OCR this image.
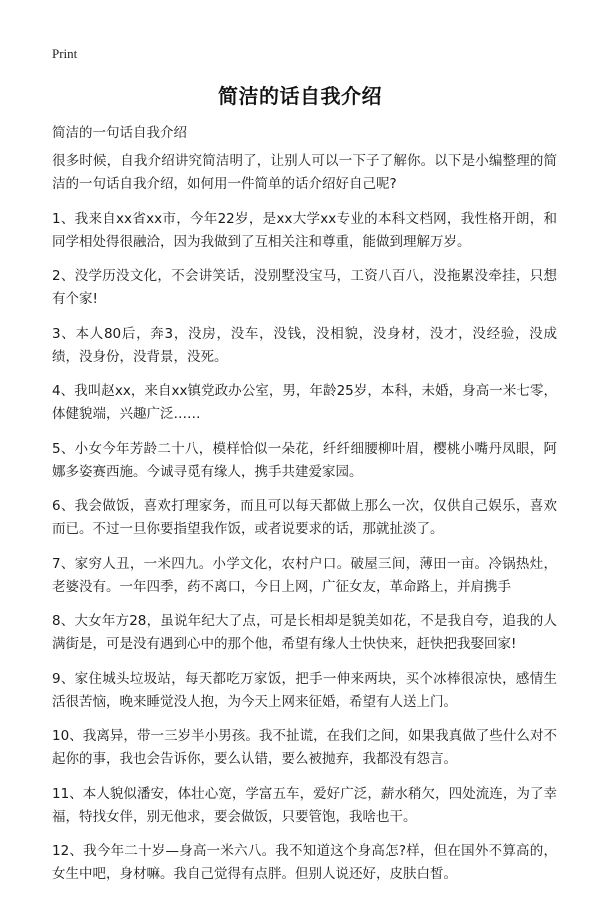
Print
简洁的话自我介绍
简洁的一句话自我介绍

很多时候，自我介绍讲究简洁明了，让别人可以一下子了解你。以下是小编整理的简洁的一句话自我介绍，如何用一件简单的话介绍好自己呢?

1、我来自xx省xx市，今年22岁，是xx大学xx专业的本科文档网，我性格开朗，和同学相处得很融洽，因为我做到了互相关注和尊重，能做到理解万岁。

2、没学历没文化，不会讲笑话，没别墅没宝马，工资八百八，没拖累没牵挂，只想有个家!

3、本人80后，奔3，没房，没车，没钱，没相貌，没身材，没才，没经验，没成绩，没身份，没背景，没死。

4、我叫赵xx，来自xx镇党政办公室，男，年龄25岁，本科，未婚，身高一米七零，体健貌端，兴趣广泛……

5、小女今年芳龄二十八，模样恰似一朵花，纤纤细腰柳叶眉，樱桃小嘴丹凤眼，阿娜多姿赛西施。今诚寻觅有缘人，携手共建爱家园。

6、我会做饭，喜欢打理家务，而且可以每天都做上那么一次，仅供自己娱乐，喜欢而已。不过一旦你要指望我作饭，或者说要求的话，那就扯淡了。

7、家穷人丑，一米四九。小学文化，农村户口。破屋三间，薄田一亩。冷锅热灶，老婆没有。一年四季，药不离口，今日上网，广征女友，革命路上，并肩携手

8、大女年方28，虽说年纪大了点，可是长相却是貌美如花，不是我自夸，追我的人满街是，可是没有遇到心中的那个他，希望有缘人士快快来，赶快把我娶回家!

9、家住城头垃圾站，每天都吃万家饭，把手一伸来两块，买个冰棒很凉快，感情生活很苦恼，晚来睡觉没人抱，为今天上网来征婚，希望有人送上门。

10、我离异，带一三岁半小男孩。我不扯谎，在我们之间，如果我真做了些什么对不起你的事，我也会告诉你，要么认错，要么被抛弃，我都没有怨言。

11、本人貌似潘安，体壮心宽，学富五车，爱好广泛，薪水稍欠，四处流连，为了幸福，特找女伴，别无他求，要会做饭，只要管饱，我啥也干。

12、我今年二十岁—身高一米六八。我不知道这个身高怎?样，但在国外不算高的，女生中吧，身材嘛。我自己觉得有点胖。但别人说还好，皮肤白皙。
